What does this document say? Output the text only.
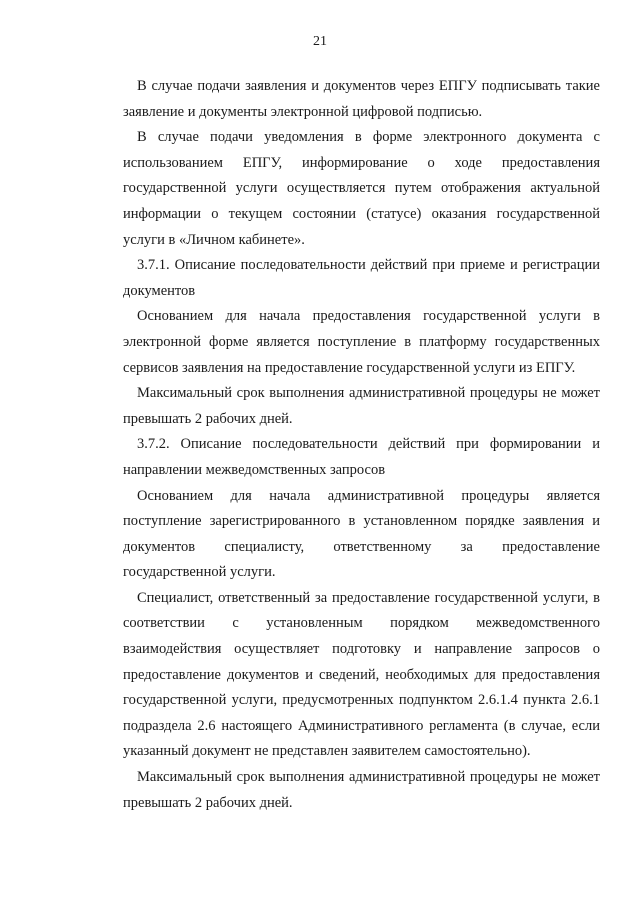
21

В случае подачи заявления и документов через ЕПГУ подписывать такие заявление и документы электронной цифровой подписью.

В случае подачи уведомления в форме электронного документа с использованием ЕПГУ, информирование о ходе предоставления государственной услуги осуществляется путем отображения актуальной информации о текущем состоянии (статусе) оказания государственной услуги в «Личном кабинете».

3.7.1. Описание последовательности действий при приеме и регистрации документов

Основанием для начала предоставления государственной услуги в электронной форме является поступление в платформу государственных сервисов заявления на предоставление государственной услуги из ЕПГУ.

Максимальный срок выполнения административной процедуры не может превышать 2 рабочих дней.

3.7.2. Описание последовательности действий при формировании и направлении межведомственных запросов

Основанием для начала административной процедуры является поступление зарегистрированного в установленном порядке заявления и документов специалисту, ответственному за предоставление государственной услуги.

Специалист, ответственный за предоставление государственной услуги, в соответствии с установленным порядком межведомственного взаимодействия осуществляет подготовку и направление запросов о предоставление документов и сведений, необходимых для предоставления государственной услуги, предусмотренных подпунктом 2.6.1.4 пункта 2.6.1 подраздела 2.6 настоящего Административного регламента (в случае, если указанный документ не представлен заявителем самостоятельно).

Максимальный срок выполнения административной процедуры не может превышать 2 рабочих дней.
